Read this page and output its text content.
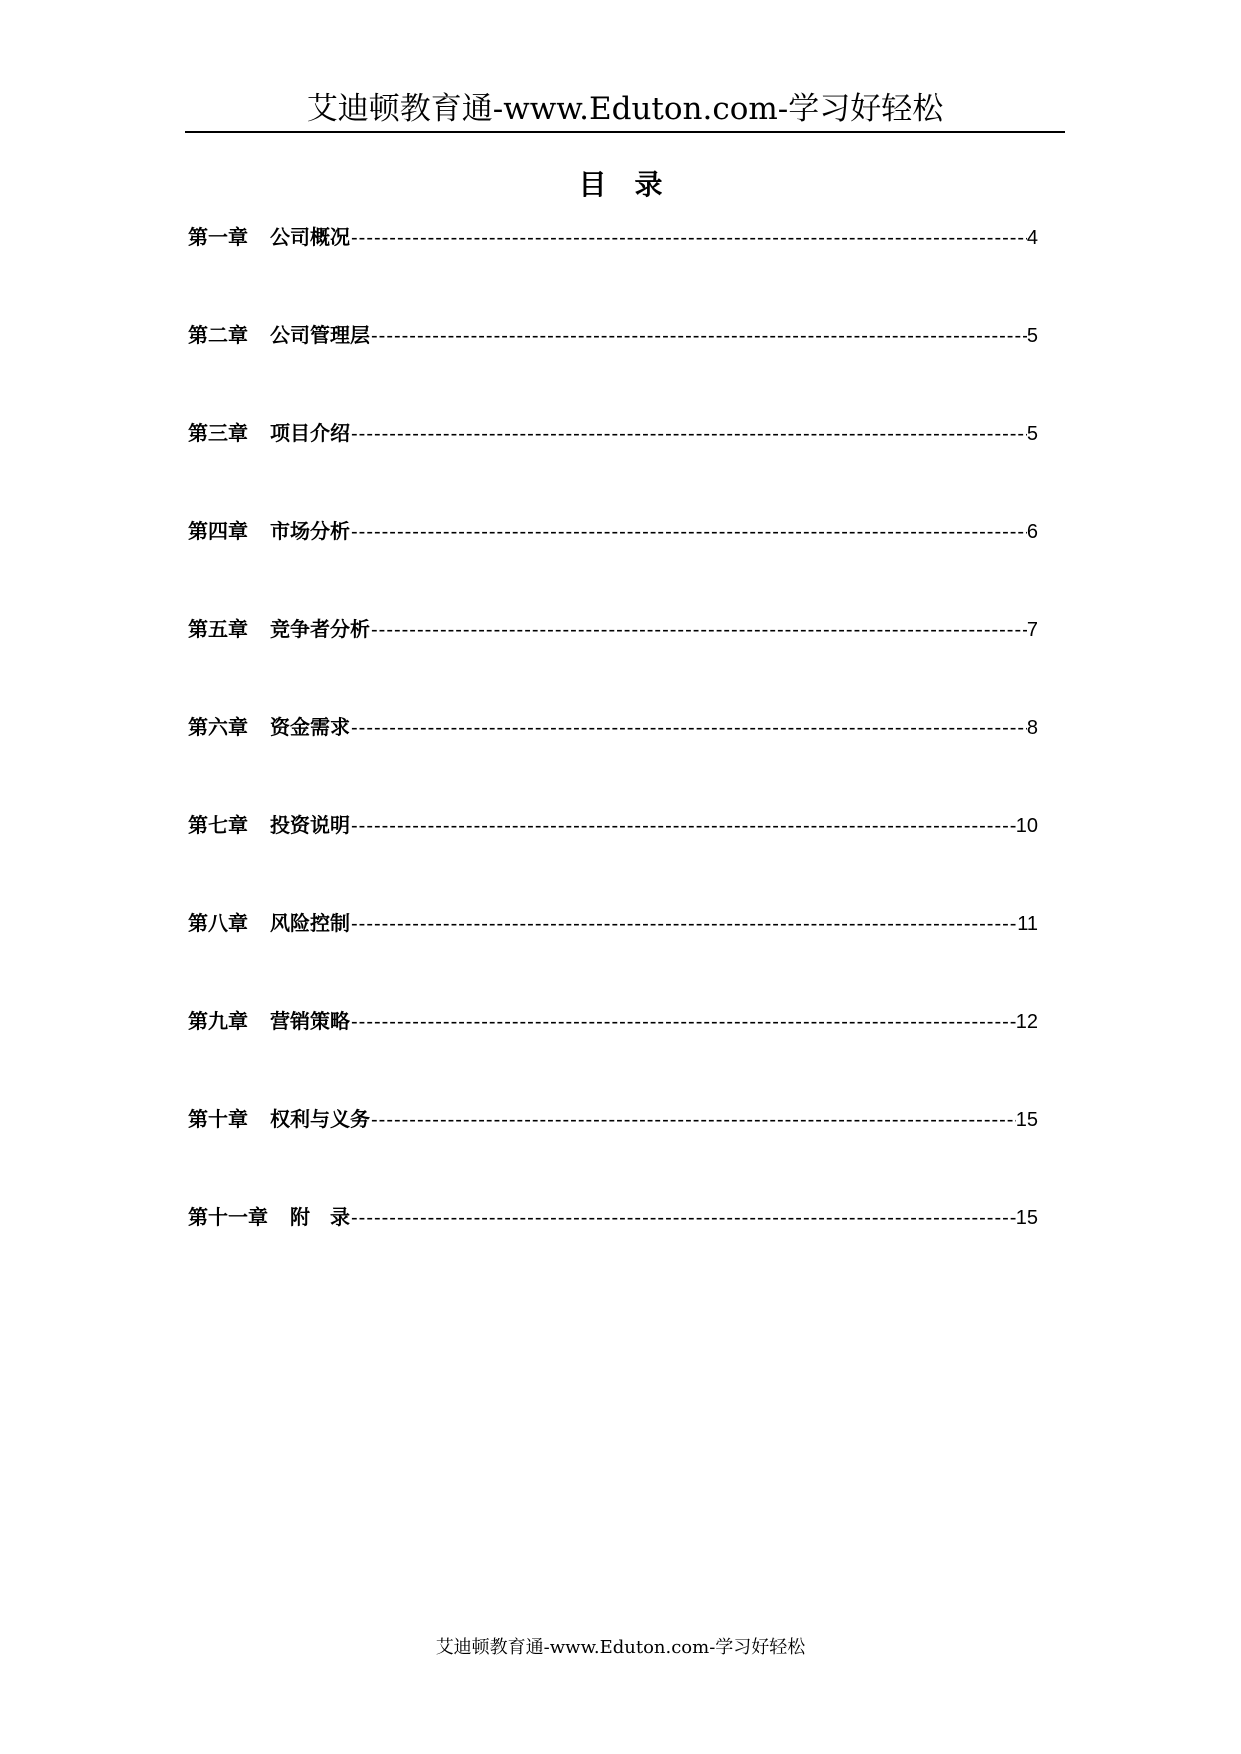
艾迪顿教育通-www.Eduton.com-学习好轻松
目　录
第一章	公司概况 -----	4
第二章	公司管理层 -----	5
第三章	项目介绍 -----	5
第四章	市场分析 -----	6
第五章	竞争者分析 -----	7
第六章	资金需求 -----	8
第七章	投资说明 -----	10
第八章	风险控制 -----	11
第九章	营销策略 -----	12
第十章	权利与义务 -----	15
第十一章	附　录 -----	15
艾迪顿教育通-www.Eduton.com-学习好轻松
